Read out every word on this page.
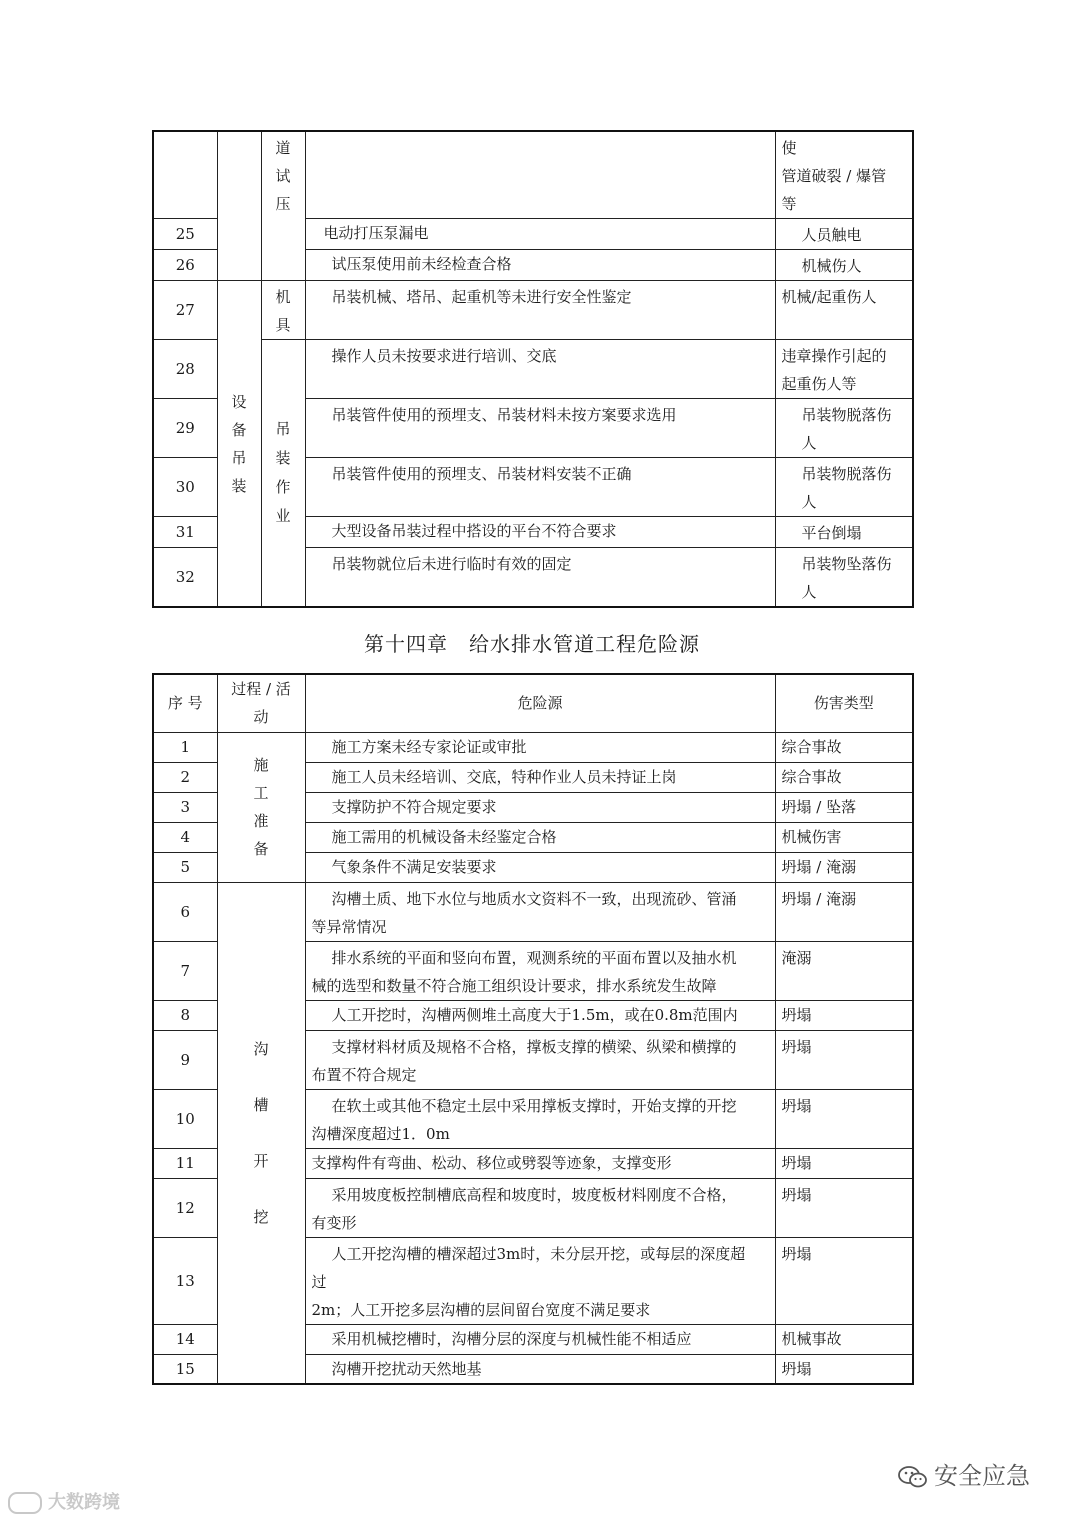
		道试压		使
管道破裂 / 爆管
等
25			电动打压泵漏电	人员触电
26			试压泵使用前未经检查合格	机械伤人
27	设备吊装	机具	吊装机械、塔吊、起重机等未进行安全性鉴定	机械/起重伤人
28		吊装作业	操作人员未按要求进行培训、交底	违章操作引起的
起重伤人等
29			吊装管件使用的预埋支、吊装材料未按方案要求选用	吊装物脱落伤
人
30			吊装管件使用的预埋支、吊装材料安装不正确	吊装物脱落伤
人
31			大型设备吊装过程中搭设的平台不符合要求	平台倒塌
32			吊装物就位后未进行临时有效的固定	吊装物坠落伤
人
第十四章　给水排水管道工程危险源
序 号	过程 / 活
动	危险源	伤害类型
1	施工准备	施工方案未经专家论证或审批	综合事故
2		施工人员未经培训、交底，特种作业人员未持证上岗	综合事故
3		支撑防护不符合规定要求	坍塌 / 坠落
4		施工需用的机械设备未经鉴定合格	机械伤害
5		气象条件不满足安装要求	坍塌 / 淹溺
6	沟槽开挖	沟槽土质、地下水位与地质水文资料不一致，出现流砂、管涌
等异常情况	坍塌 / 淹溺
7		排水系统的平面和竖向布置，观测系统的平面布置以及抽水机
械的选型和数量不符合施工组织设计要求，排水系统发生故障	淹溺
8		人工开挖时，沟槽两侧堆土高度大于1.5m，或在0.8m范围内	坍塌
9		支撑材料材质及规格不合格，撑板支撑的横梁、纵梁和横撑的
布置不符合规定	坍塌
10		在软土或其他不稳定土层中采用撑板支撑时，开始支撑的开挖
沟槽深度超过1．0m	坍塌
11		支撑构件有弯曲、松动、移位或劈裂等迹象，支撑变形	坍塌
12		采用坡度板控制槽底高程和坡度时，坡度板材料刚度不合格，
有变形	坍塌
13		人工开挖沟槽的槽深超过3m时，未分层开挖，或每层的深度超
过
2m；人工开挖多层沟槽的层间留台宽度不满足要求	坍塌
14		采用机械挖槽时，沟槽分层的深度与机械性能不相适应	机械事故
15		沟槽开挖扰动天然地基	坍塌
大数跨境
安全应急
